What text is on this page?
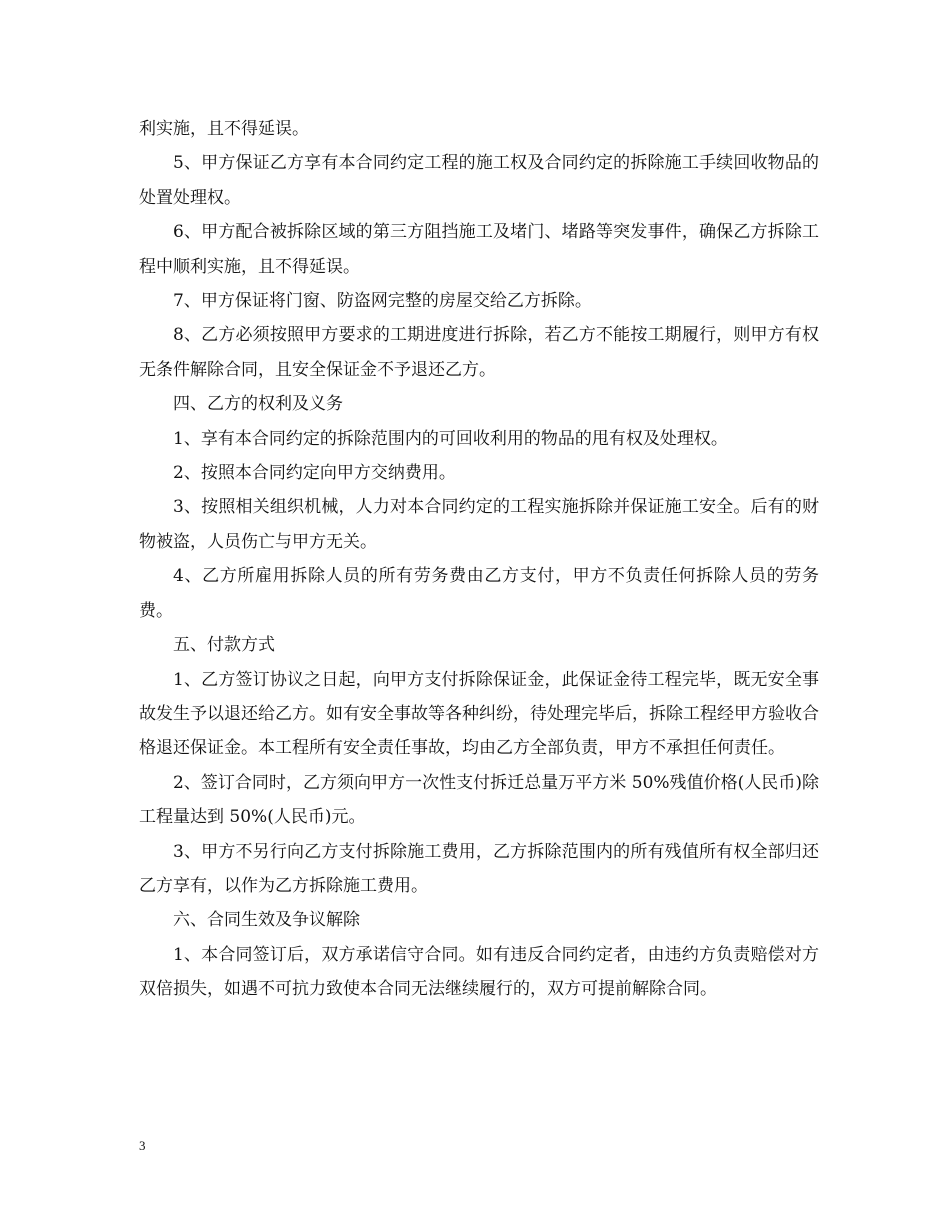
利实施，且不得延误。

5、甲方保证乙方享有本合同约定工程的施工权及合同约定的拆除施工手续回收物品的处置处理权。

6、甲方配合被拆除区域的第三方阻挡施工及堵门、堵路等突发事件，确保乙方拆除工程中顺利实施，且不得延误。

7、甲方保证将门窗、防盗网完整的房屋交给乙方拆除。

8、乙方必须按照甲方要求的工期进度进行拆除，若乙方不能按工期履行，则甲方有权无条件解除合同，且安全保证金不予退还乙方。

四、乙方的权利及义务

1、享有本合同约定的拆除范围内的可回收利用的物品的甩有权及处理权。

2、按照本合同约定向甲方交纳费用。

3、按照相关组织机械，人力对本合同约定的工程实施拆除并保证施工安全。后有的财物被盗，人员伤亡与甲方无关。

4、乙方所雇用拆除人员的所有劳务费由乙方支付，甲方不负责任何拆除人员的劳务费。

五、付款方式

1、乙方签订协议之日起，向甲方支付拆除保证金，此保证金待工程完毕，既无安全事故发生予以退还给乙方。如有安全事故等各种纠纷，待处理完毕后，拆除工程经甲方验收合格退还保证金。本工程所有安全责任事故，均由乙方全部负责，甲方不承担任何责任。

2、签订合同时，乙方须向甲方一次性支付拆迁总量万平方米 50%残值价格(人民币)除工程量达到 50%(人民币)元。

3、甲方不另行向乙方支付拆除施工费用，乙方拆除范围内的所有残值所有权全部归还乙方享有，以作为乙方拆除施工费用。

六、合同生效及争议解除

1、本合同签订后，双方承诺信守合同。如有违反合同约定者，由违约方负责赔偿对方双倍损失，如遇不可抗力致使本合同无法继续履行的，双方可提前解除合同。

3
